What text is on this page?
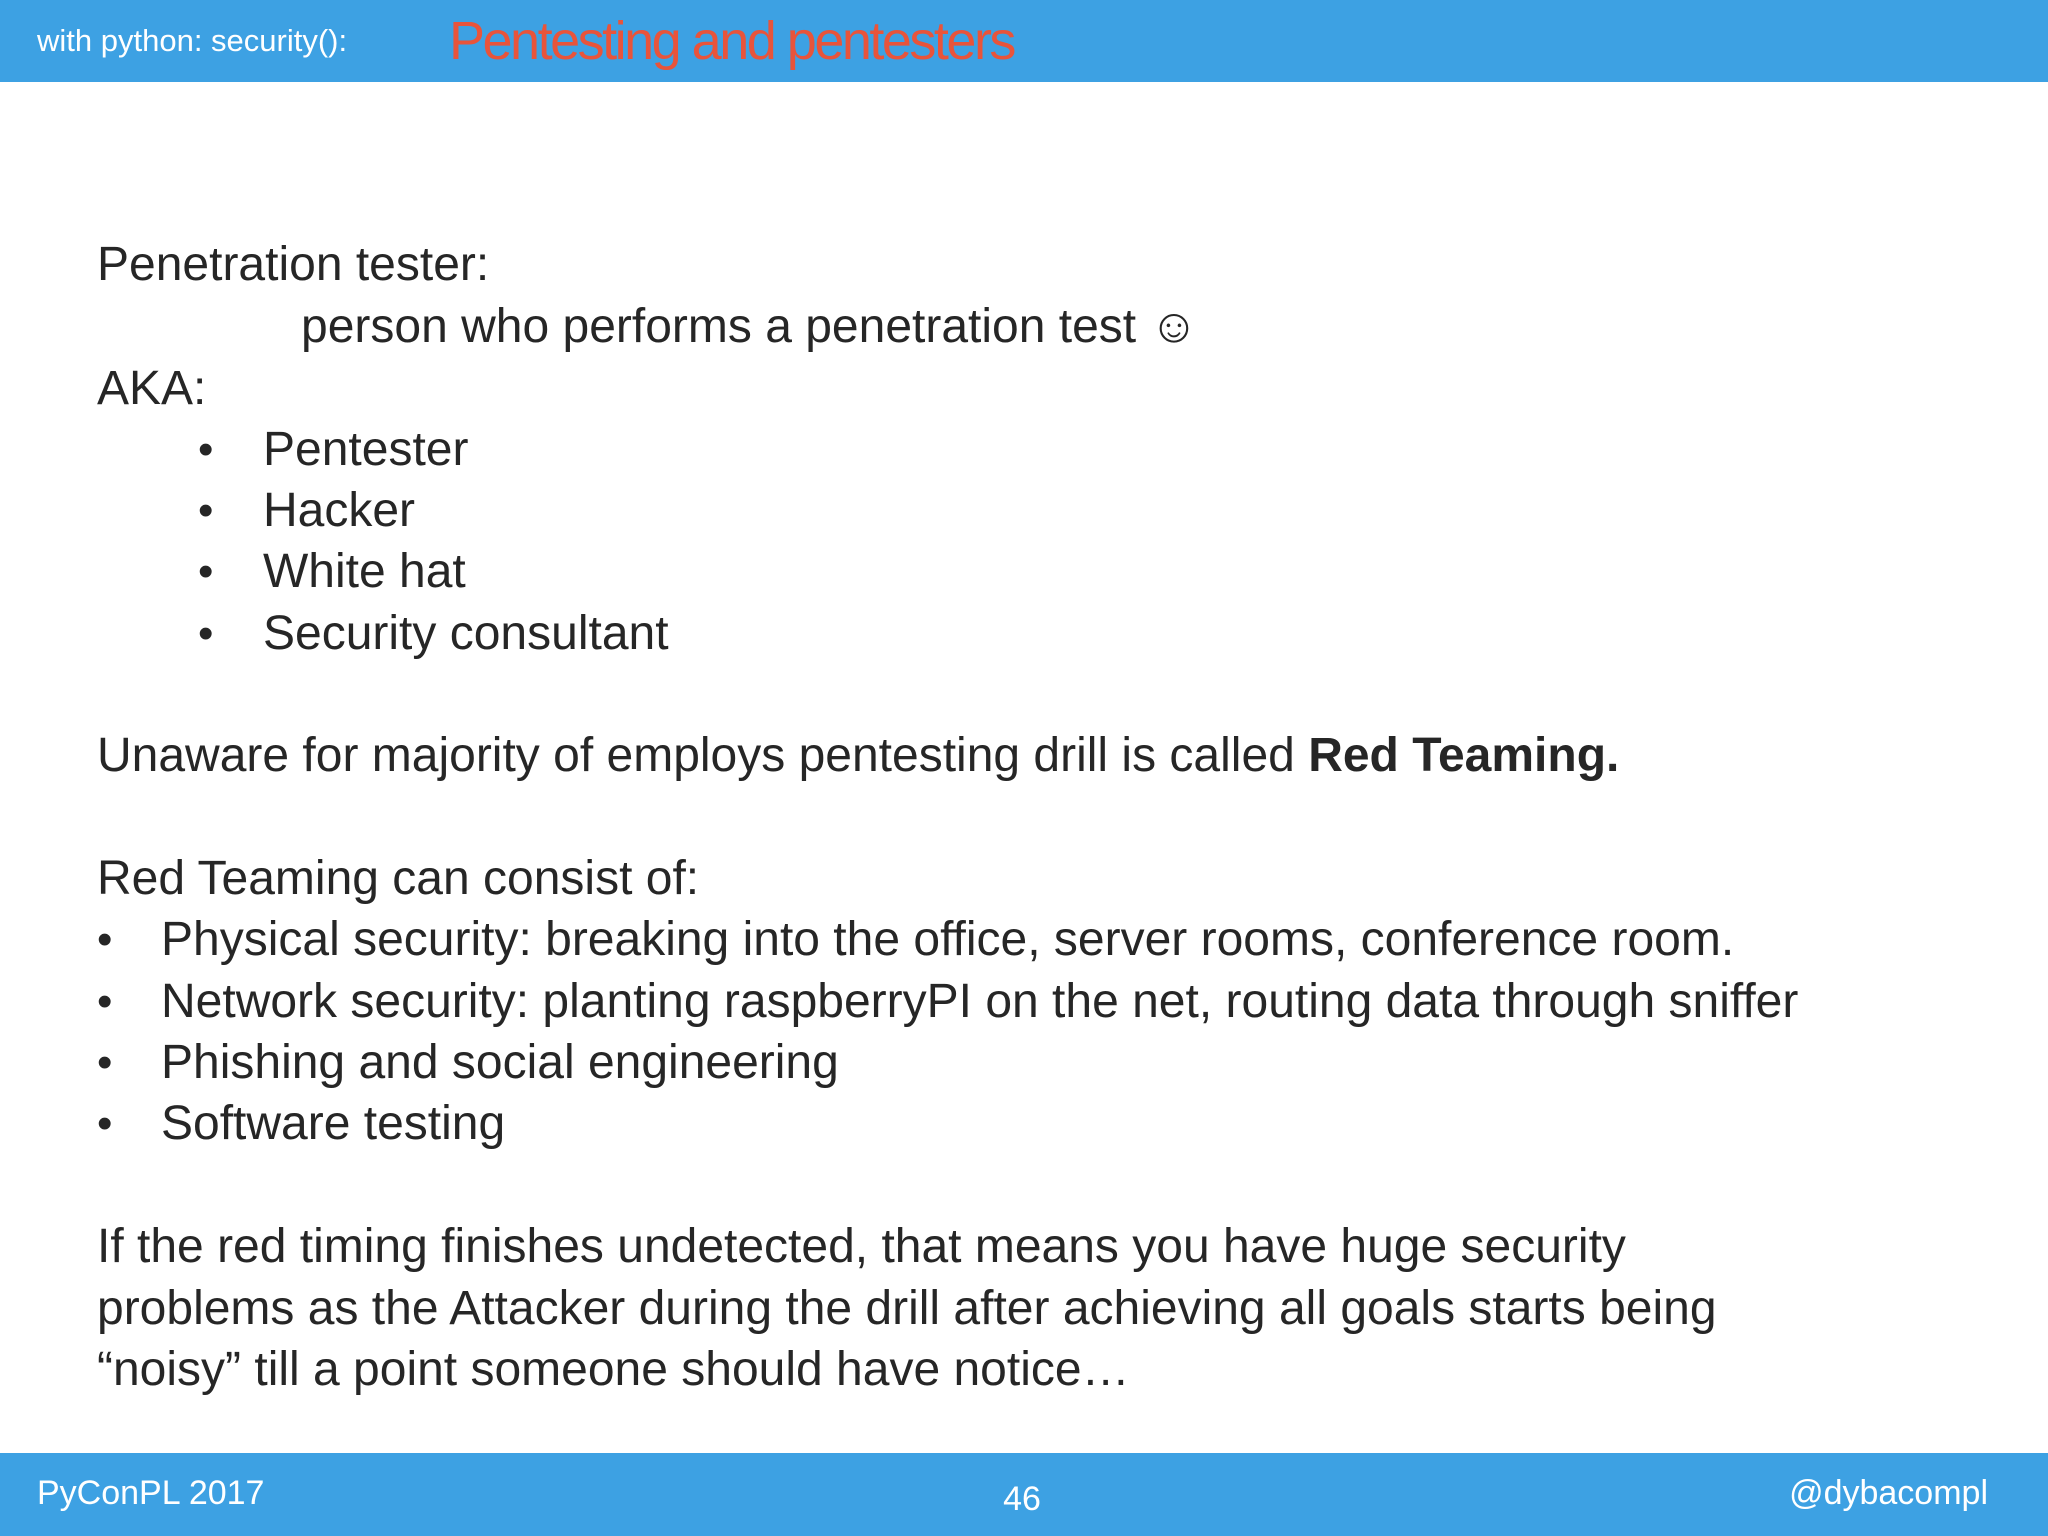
with python: security(): Pentesting and pentesters
Penetration tester:
person who performs a penetration test ☺
AKA:
• Pentester
• Hacker
• White hat
• Security consultant
Unaware for majority of employs pentesting drill is called Red Teaming.
Red Teaming can consist of:
• Physical security: breaking into the office, server rooms, conference room.
• Network security: planting raspberryPI on the net, routing data through sniffer
• Phishing and social engineering
• Software testing
If the red timing finishes undetected, that means you have huge security
problems as the Attacker during the drill after achieving all goals starts being
“noisy” till a point someone should have notice…
PyConPL 2017	46	@dybacompl
